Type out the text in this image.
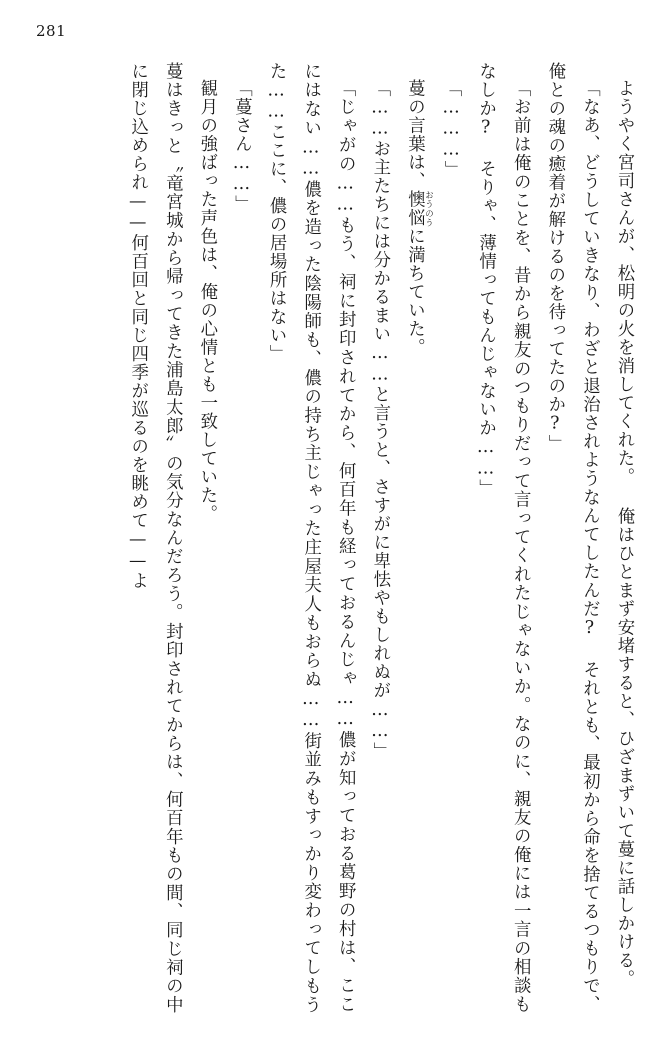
281

ようやく宮司さんが、松明の火を消してくれた。 俺はひとまず安堵すると、ひざまずいて蔓に話しかける。

「なあ、どうしていきなり、わざと退治されようなんてしたんだ? それとも、最初から命を捨てるつもりで、俺との魂の癒着が解けるのを待ってたのか?」

「お前は俺のことを、昔から親友のつもりだって言ってくれたじゃないか。なのに、親友の俺には一言の相談もなしか? そりゃ、薄情ってもんじゃないか……」

「………」

蔓の言葉は、懊悩 おうのうに満ちていた。

「……お主たちには分かるまい……と言うと、さすがに卑怯やもしれぬが……」

「じゃがの……もう、祠に封印されてから、何百年も経っておるんじゃ……儂が知っておる葛野の村は、ここにはない……儂を造った陰陽師も、儂の持ち主じゃった庄屋夫人もおらぬ……街並みもすっかり変わってしもうた……ここに、儂の居場所はない」

「蔓さん……」

観月の強ばった声色は、俺の心情とも一致していた。

蔓はきっと〝竜宮城から帰ってきた浦島太郎〟の気分なんだろう。封印されてからは、何百年もの間、同じ祠の中に閉じ込められ——何百回と同じ四季が巡るのを眺めて——よ
